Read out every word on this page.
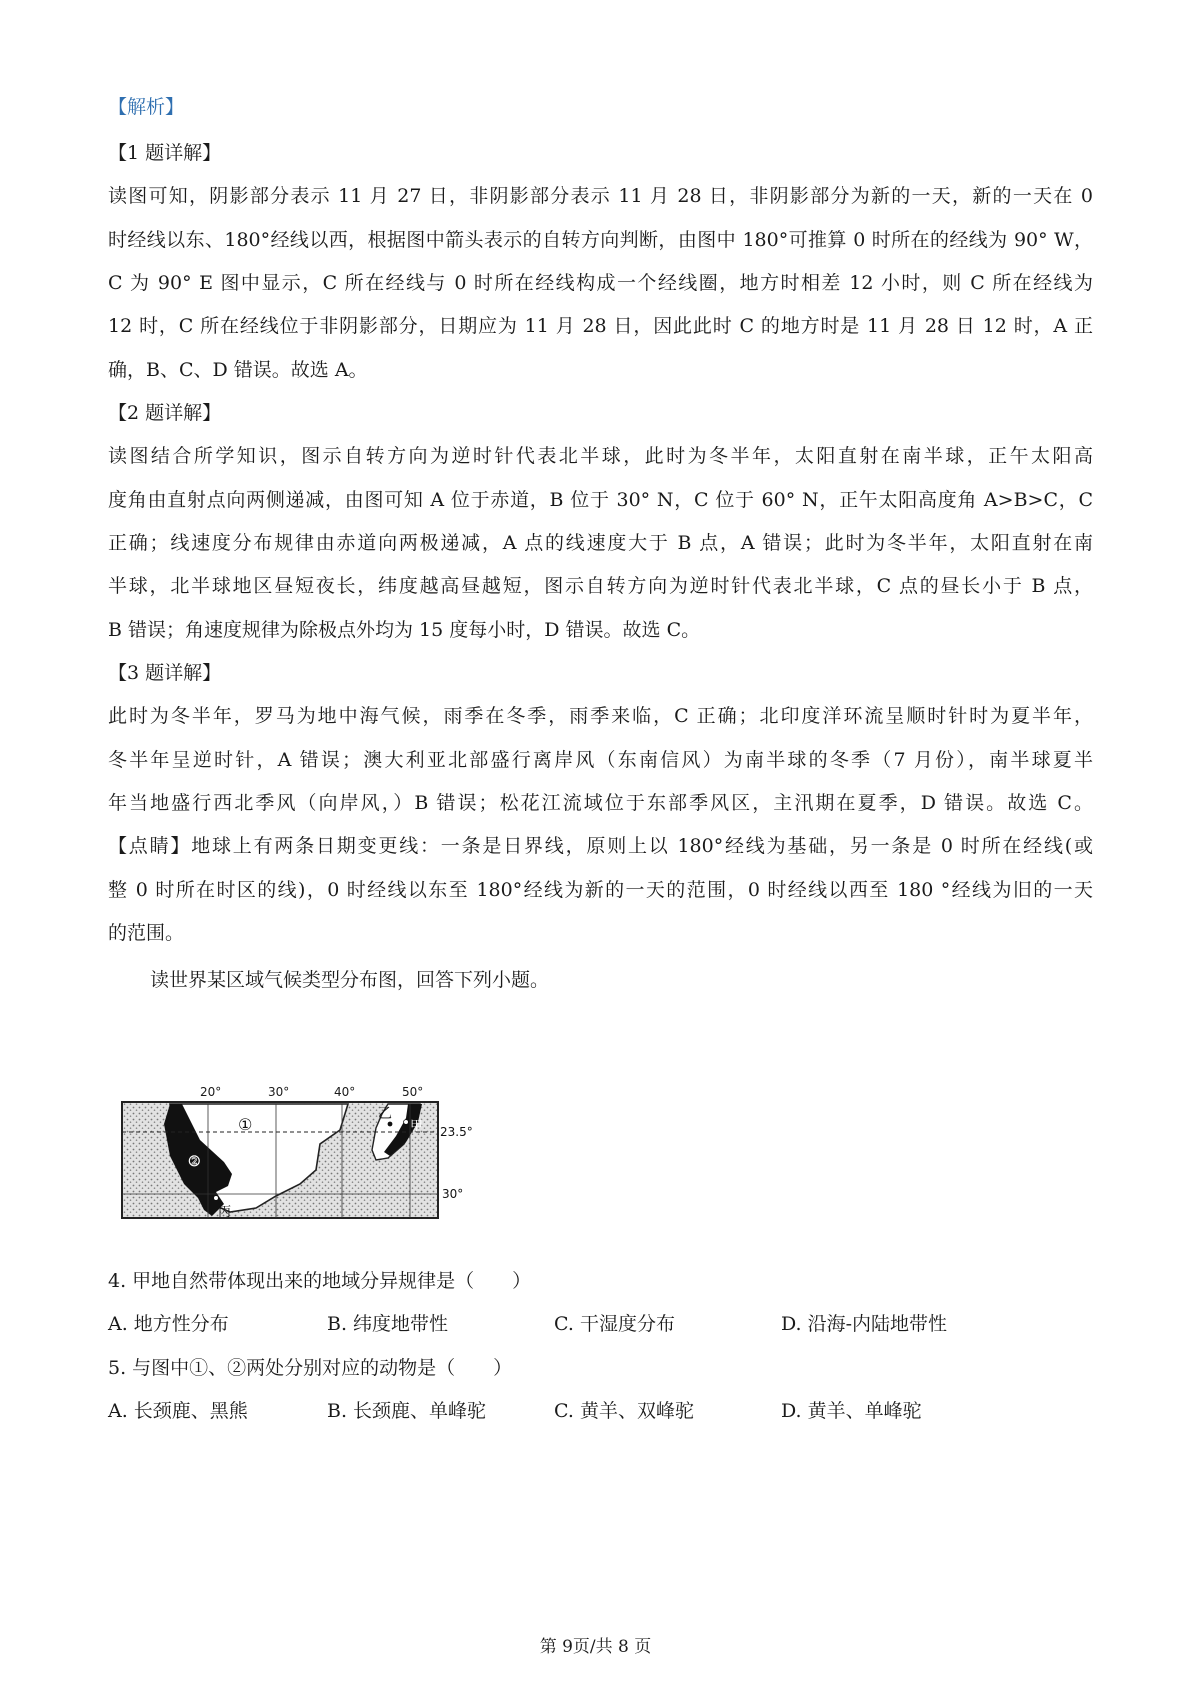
【解析】
【1 题详解】
读图可知，阴影部分表示 11 月 27 日，非阴影部分表示 11 月 28 日，非阴影部分为新的一天，新的一天在 0
时经线以东、180°经线以西，根据图中箭头表示的自转方向判断，由图中 180°可推算 0 时所在的经线为 90° W，
C 为 90° E 图中显示，C 所在经线与 0 时所在经线构成一个经线圈，地方时相差 12 小时，则 C 所在经线为
12 时，C 所在经线位于非阴影部分，日期应为 11 月 28 日，因此此时 C 的地方时是 11 月 28 日 12 时，A 正
确，B、C、D 错误。故选 A。
【2 题详解】
读图结合所学知识，图示自转方向为逆时针代表北半球，此时为冬半年，太阳直射在南半球，正午太阳高
度角由直射点向两侧递减，由图可知 A 位于赤道，B 位于 30° N，C 位于 60° N，正午太阳高度角 A>B>C，C
正确；线速度分布规律由赤道向两极递减，A 点的线速度大于 B 点，A 错误；此时为冬半年，太阳直射在南
半球，北半球地区昼短夜长，纬度越高昼越短，图示自转方向为逆时针代表北半球，C 点的昼长小于 B 点，
B 错误；角速度规律为除极点外均为 15 度每小时，D 错误。故选 C。
【3 题详解】
此时为冬半年，罗马为地中海气候，雨季在冬季，雨季来临，C 正确；北印度洋环流呈顺时针时为夏半年，
冬半年呈逆时针，A 错误；澳大利亚北部盛行离岸风（东南信风）为南半球的冬季（7 月份），南半球夏半
年当地盛行西北季风（向岸风，）B 错误；松花江流域位于东部季风区，主汛期在夏季，D 错误。故选 C。
【点睛】地球上有两条日期变更线：一条是日界线，原则上以 180°经线为基础，另一条是 0 时所在经线(或
整 0 时所在时区的线)，0 时经线以东至 180°经线为新的一天的范围，0 时经线以西至 180 °经线为旧的一天
的范围。
读世界某区域气候类型分布图，回答下列小题。
①
②
乙
甲
丙
23.5°
30°
20°	30°	40°	50°
4. 甲地自然带体现出来的地域分异规律是（　　）
A. 地方性分布	B. 纬度地带性	C. 干湿度分布	D. 沿海-内陆地带性
5. 与图中①、②两处分别对应的动物是（　　）
A. 长颈鹿、黑熊	B. 长颈鹿、单峰驼	C. 黄羊、双峰驼	D. 黄羊、单峰驼
第 9页/共 8 页
